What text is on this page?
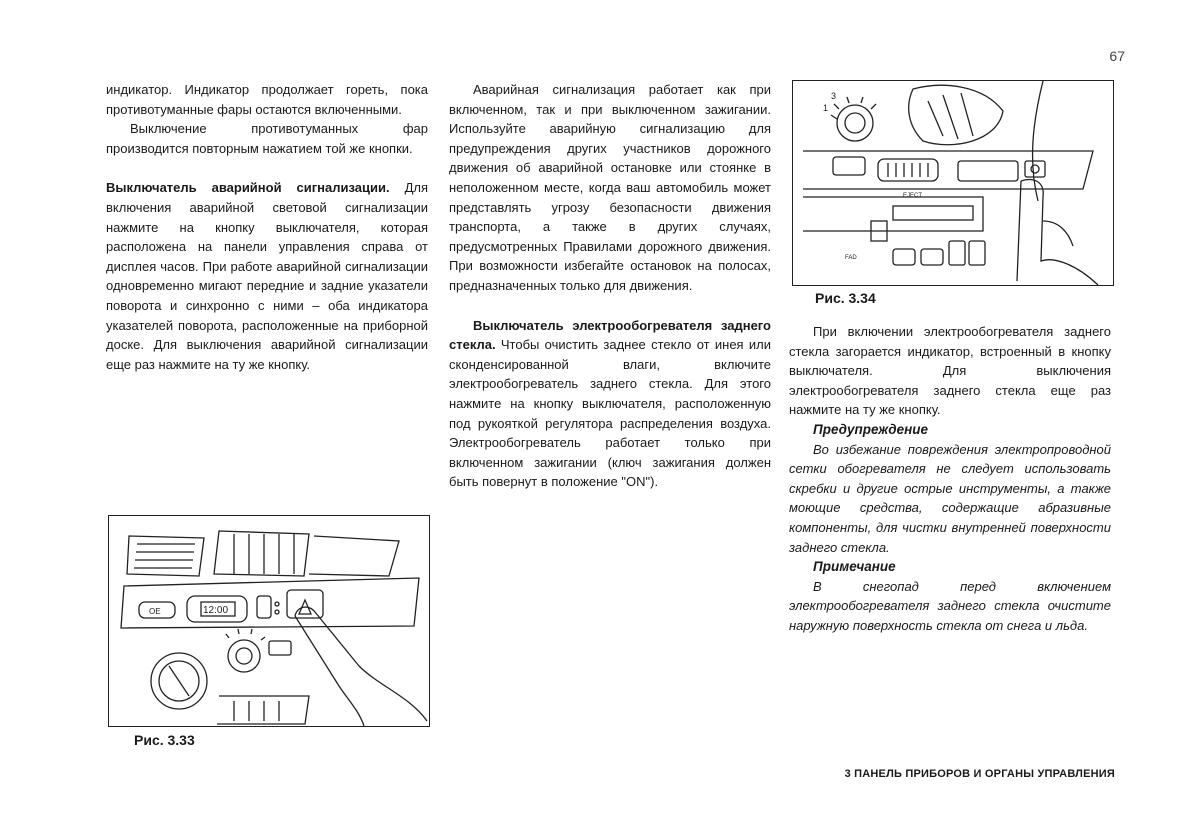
67

индикатор. Индикатор продолжает гореть, пока противотуманные фары остаются включенными.

Выключение противотуманных фар производится повторным нажатием той же кнопки.

Выключатель аварийной сигнализации. Для включения аварийной световой сигнализации нажмите на кнопку выключателя, которая расположена на панели управления справа от дисплея часов. При работе аварийной сигнализации одновременно мигают передние и задние указатели поворота и синхронно с ними – оба индикатора указателей поворота, расположенные на приборной доске. Для выключения аварийной сигнализации еще раз нажмите на ту же кнопку.

Аварийная сигнализация работает как при включенном, так и при выключенном зажигании. Используйте аварийную сигнализацию для предупреждения других участников дорожного движения об аварийной остановке или стоянке в неположенном месте, когда ваш автомобиль может представлять угрозу безопасности движения транспорта, а также в других случаях, предусмотренных Правилами дорожного движения. При возможности избегайте остановок на полосах, предназначенных только для движения.

Выключатель электрообогревателя заднего стекла. Чтобы очистить заднее стекло от инея или сконденсированной влаги, включите электрообогреватель заднего стекла. Для этого нажмите на кнопку выключателя, расположенную под рукояткой регулятора распределения воздуха. Электрообогреватель работает только при включенном зажигании (ключ зажигания должен быть повернут в положение "ON").

3
1
EJECT
FAD
Рис. 3.34

При включении электрообогревателя заднего стекла загорается индикатор, встроенный в кнопку выключателя. Для выключения электрообогревателя заднего стекла еще раз нажмите на ту же кнопку.

Предупреждение

Во избежание повреждения электропроводной сетки обогревателя не следует использовать скребки и другие острые инструменты, а также моющие средства, содержащие абразивные компоненты, для чистки внутренней поверхности заднего стекла.

Примечание

В снегопад перед включением электрообогревателя заднего стекла очистите наружную поверхность стекла от снега и льда.

OE	12:00
Рис. 3.33
3 ПАНЕЛЬ ПРИБОРОВ И ОРГАНЫ УПРАВЛЕНИЯ
